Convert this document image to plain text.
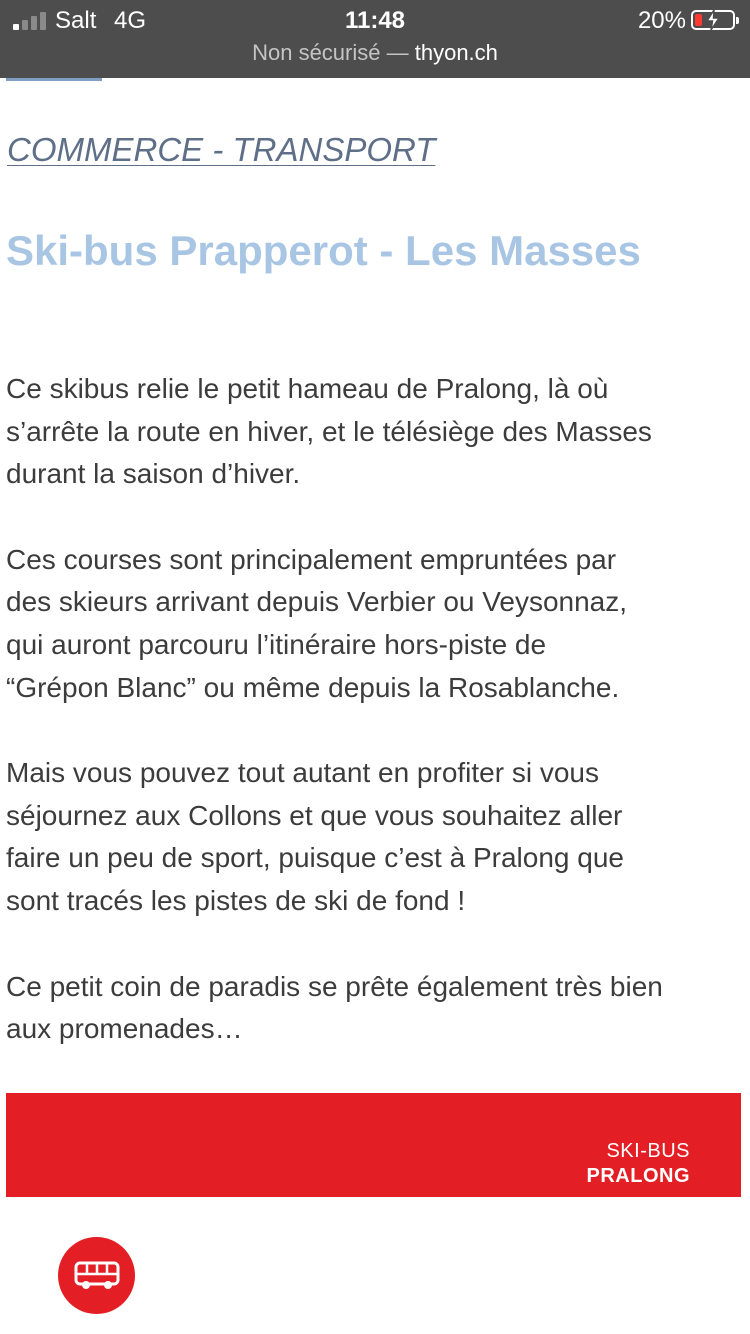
Salt 4G	11:48	20%
Non sécurisé — thyon.ch
COMMERCE - TRANSPORT
Ski-bus Prapperot - Les Masses

Ce skibus relie le petit hameau de Pralong, là où
s’arrête la route en hiver, et le télésiège des Masses
durant la saison d’hiver.

Ces courses sont principalement empruntées par
des skieurs arrivant depuis Verbier ou Veysonnaz,
qui auront parcouru l’itinéraire hors-piste de
“Grépon Blanc” ou même depuis la Rosablanche.

Mais vous pouvez tout autant en profiter si vous
séjournez aux Collons et que vous souhaitez aller
faire un peu de sport, puisque c’est à Pralong que
sont tracés les pistes de ski de fond !

Ce petit coin de paradis se prête également très bien
aux promenades…

SKI-BUS
PRALONG
